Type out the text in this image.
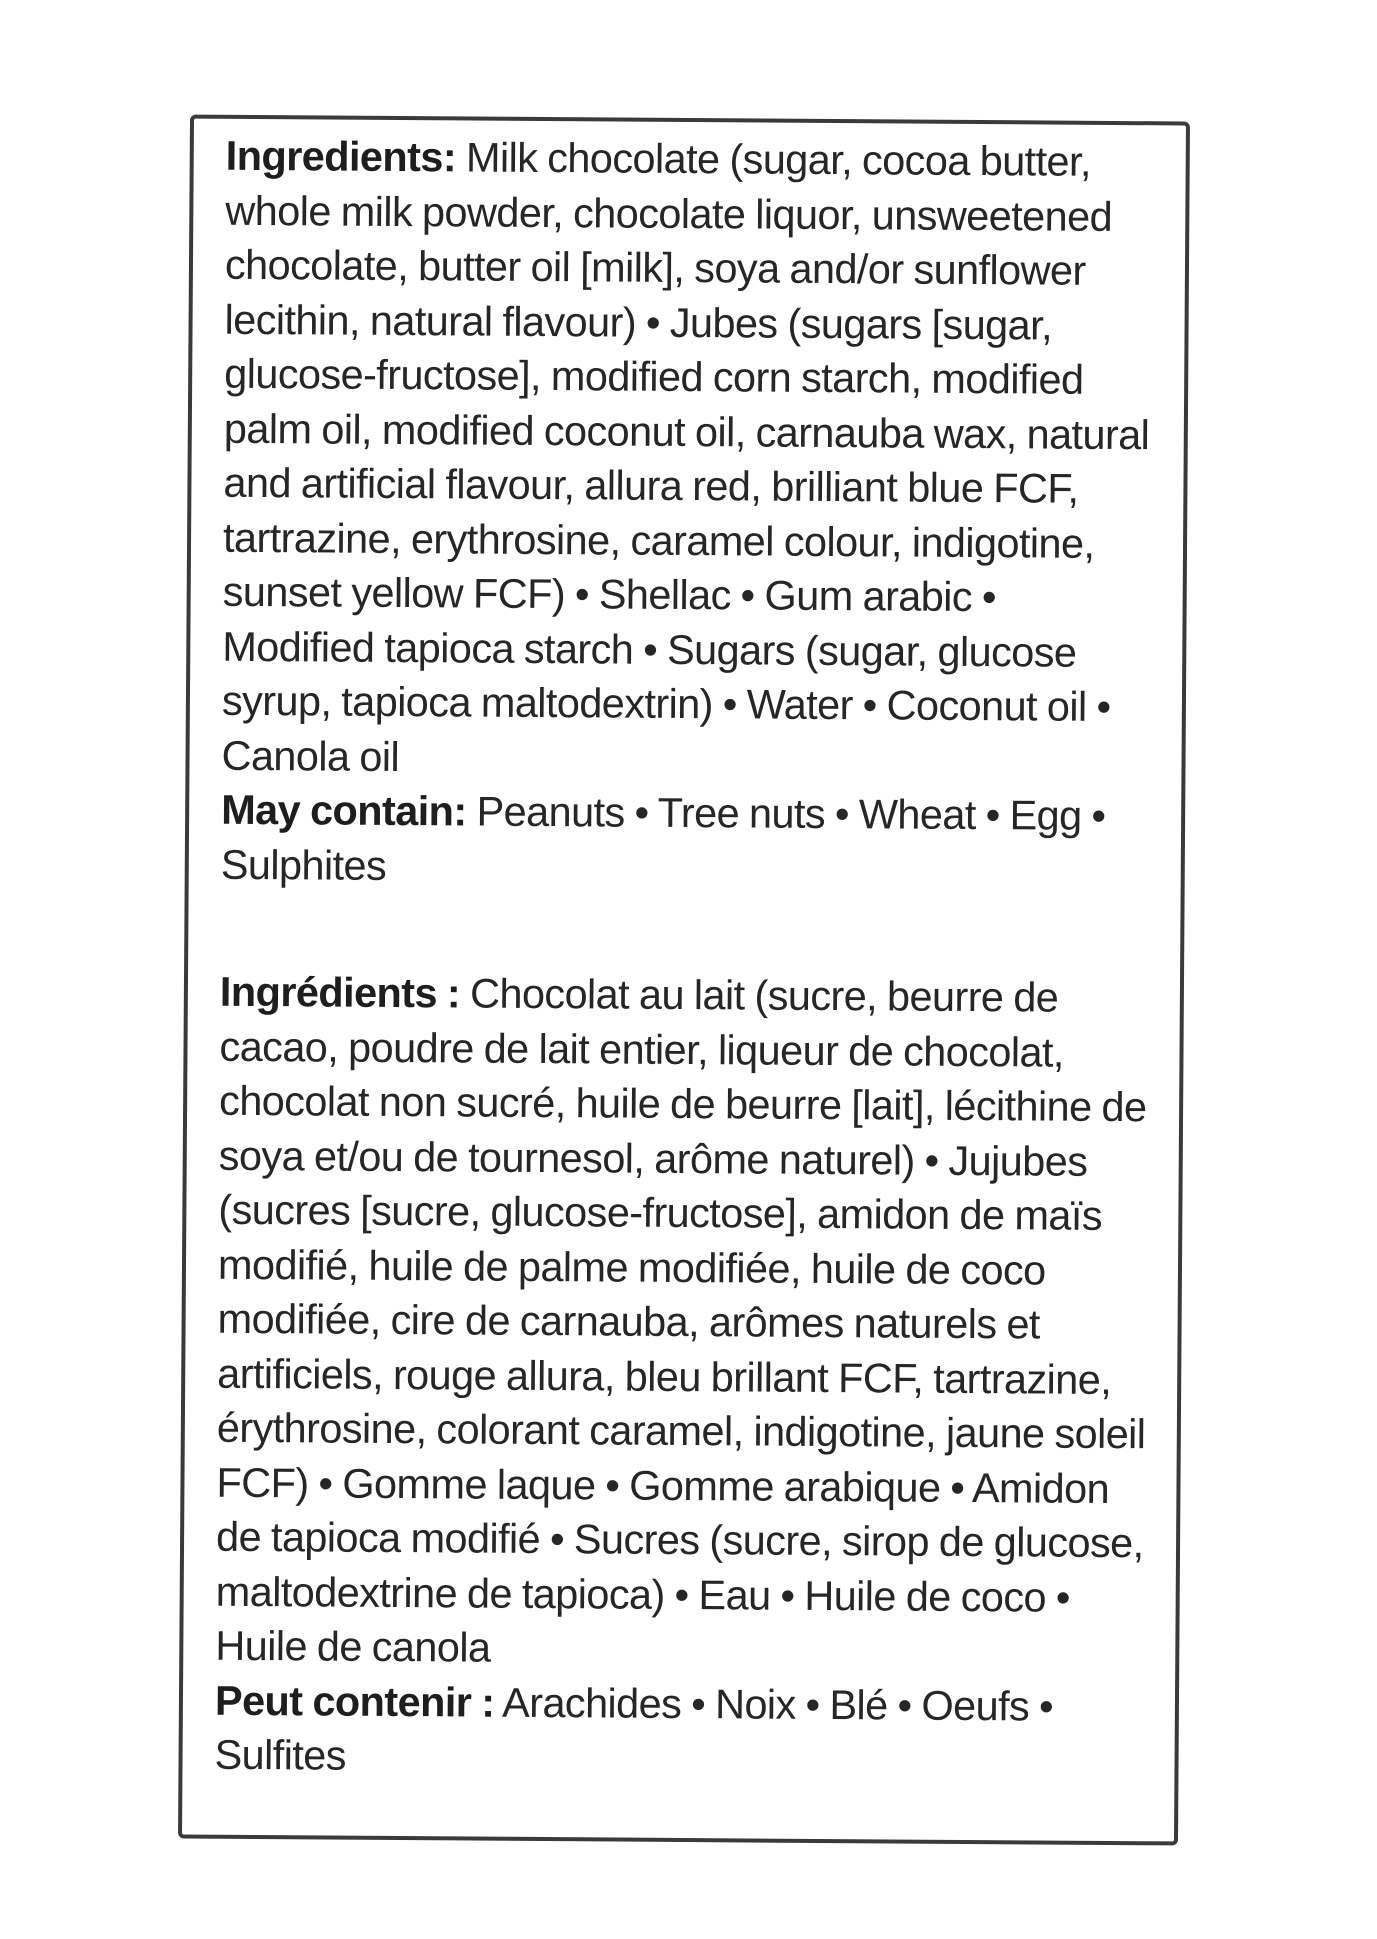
Ingredients: Milk chocolate (sugar, cocoa butter, whole milk powder, chocolate liquor, unsweetened chocolate, butter oil [milk], soya and/or sunflower lecithin, natural flavour) • Jubes (sugars [sugar, glucose-fructose], modified corn starch, modified palm oil, modified coconut oil, carnauba wax, natural and artificial flavour, allura red, brilliant blue FCF, tartrazine, erythrosine, caramel colour, indigotine, sunset yellow FCF) • Shellac • Gum arabic • Modified tapioca starch • Sugars (sugar, glucose syrup, tapioca maltodextrin) • Water • Coconut oil • Canola oil

May contain: Peanuts • Tree nuts • Wheat • Egg • Sulphites

Ingrédients : Chocolat au lait (sucre, beurre de cacao, poudre de lait entier, liqueur de chocolat, chocolat non sucré, huile de beurre [lait], lécithine de soya et/ou de tournesol, arôme naturel) • Jujubes (sucres [sucre, glucose-fructose], amidon de maïs modifié, huile de palme modifiée, huile de coco modifiée, cire de carnauba, arômes naturels et artificiels, rouge allura, bleu brillant FCF, tartrazine, érythrosine, colorant caramel, indigotine, jaune soleil FCF) • Gomme laque • Gomme arabique • Amidon de tapioca modifié • Sucres (sucre, sirop de glucose, maltodextrine de tapioca) • Eau • Huile de coco • Huile de canola

Peut contenir : Arachides • Noix • Blé • Oeufs • Sulfites
